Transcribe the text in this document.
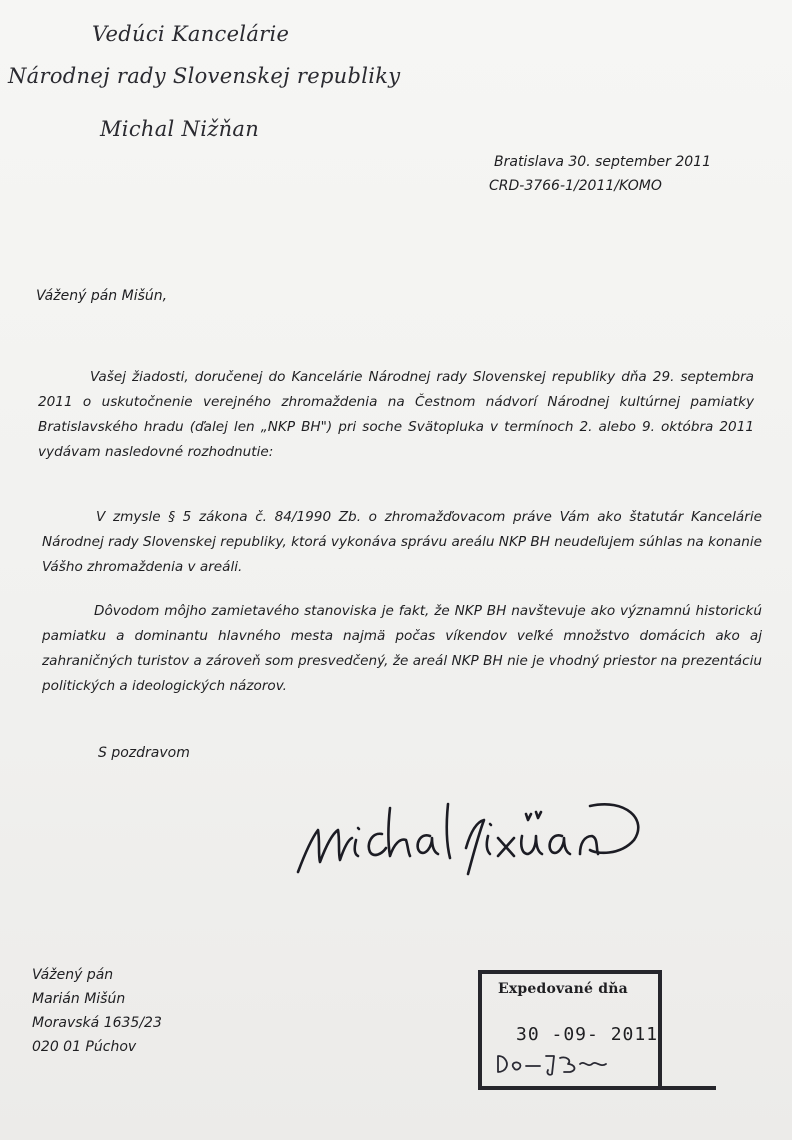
Vedúci Kancelárie
Národnej rady Slovenskej republiky
Michal Nižňan
Bratislava 30. september 2011
CRD-3766-1/2011/KOMO
Vážený pán Mišún,
Vašej žiadosti, doručenej do Kancelárie Národnej rady Slovenskej republiky dňa 29. septembra 2011 o uskutočnenie verejného zhromaždenia na Čestnom nádvorí Národnej kultúrnej pamiatky Bratislavského hradu (ďalej len „NKP BH") pri soche Svätopluka v termínoch 2. alebo 9. októbra 2011 vydávam nasledovné rozhodnutie:
V zmysle § 5 zákona č. 84/1990 Zb. o zhromažďovacom práve Vám ako štatutár Kancelárie Národnej rady Slovenskej republiky, ktorá vykonáva správu areálu NKP BH neudeľujem súhlas na konanie Vášho zhromaždenia v areáli.
Dôvodom môjho zamietavého stanoviska je fakt, že NKP BH navštevuje ako významnú historickú pamiatku a dominantu hlavného mesta najmä počas víkendov veľké množstvo domácich ako aj zahraničných turistov a zároveň som presvedčený, že areál NKP BH nie je vhodný priestor na prezentáciu politických a ideologických názorov.
S pozdravom
Vážený pán
Marián Mišún
Moravská 1635/23
020 01 Púchov
Expedované dňa
30 -09- 2011
